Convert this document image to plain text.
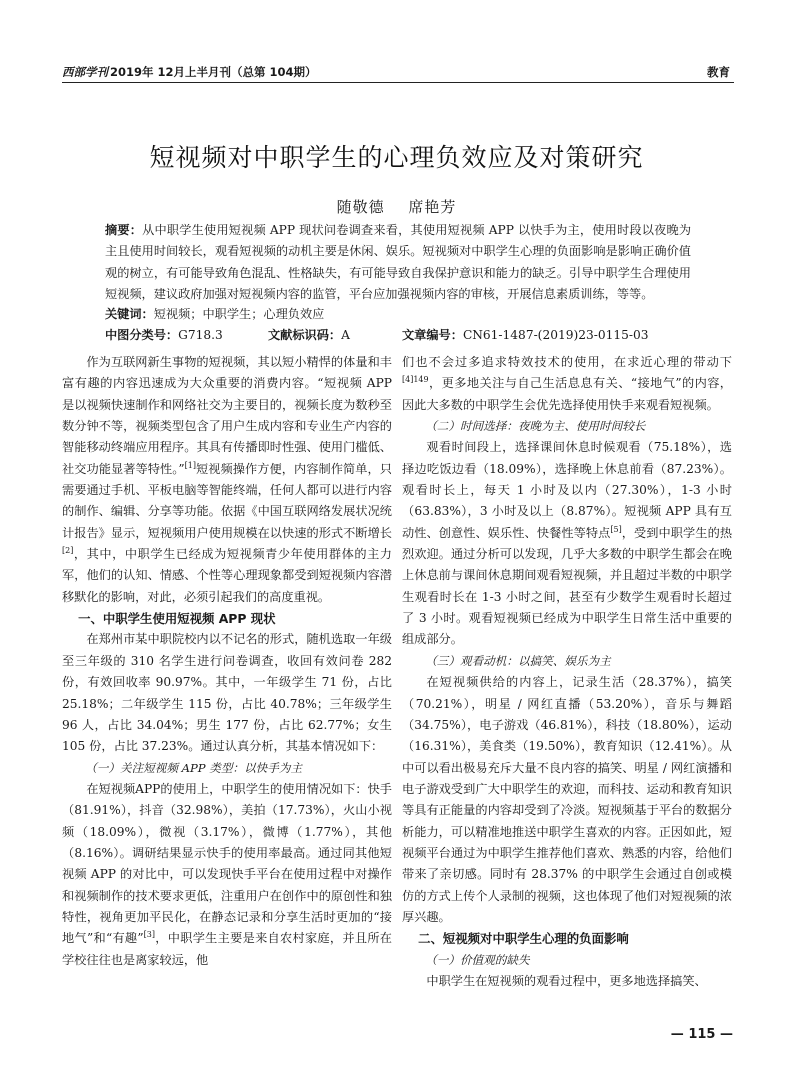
西部学刊 2019年 12月上半月刊（总第 104期）	教育
短视频对中职学生的心理负效应及对策研究
随敬德 席艳芳

摘要：从中职学生使用短视频 APP 现状问卷调查来看，其使用短视频 APP 以快手为主，使用时段以夜晚为主且使用时间较长，观看短视频的动机主要是休闲、娱乐。短视频对中职学生心理的负面影响是影响正确价值观的树立，有可能导致角色混乱、性格缺失，有可能导致自我保护意识和能力的缺乏。引导中职学生合理使用短视频，建议政府加强对短视频内容的监管，平台应加强视频内容的审核，开展信息素质训练，等等。

关键词：短视频；中职学生；心理负效应
中图分类号：G718.3	文献标识码：A	文章编号：CN61-1487-(2019)23-0115-03

作为互联网新生事物的短视频，其以短小精悍的体量和丰富有趣的内容迅速成为大众重要的消费内容。“短视频 APP 是以视频快速制作和网络社交为主要目的，视频长度为数秒至数分钟不等，视频类型包含了用户生成内容和专业生产内容的智能移动终端应用程序。其具有传播即时性强、使用门槛低、社交功能显著等特性。”[1]短视频操作方便，内容制作简单，只需要通过手机、平板电脑等智能终端，任何人都可以进行内容的制作、编辑、分享等功能。依据《中国互联网络发展状况统计报告》显示，短视频用户使用规模在以快速的形式不断增长[2]，其中，中职学生已经成为短视频青少年使用群体的主力军，他们的认知、情感、个性等心理现象都受到短视频内容潜移默化的影响，对此，必须引起我们的高度重视。

一、中职学生使用短视频 APP 现状

在郑州市某中职院校内以不记名的形式，随机选取一年级至三年级的 310 名学生进行问卷调查，收回有效问卷 282 份，有效回收率 90.97%。其中，一年级学生 71 份，占比 25.18%；二年级学生 115 份，占比 40.78%；三年级学生 96 人，占比 34.04%；男生 177 份，占比 62.77%；女生 105 份，占比 37.23%。通过认真分析，其基本情况如下：

（一）关注短视频 APP 类型：以快手为主

在短视频APP的使用上，中职学生的使用情况如下：快手（81.91%），抖音（32.98%），美拍（17.73%），火山小视频（18.09%），微视（3.17%），微博（1.77%），其他（8.16%）。调研结果显示快手的使用率最高。通过同其他短视频 APP 的对比中，可以发现快手平台在使用过程中对操作和视频制作的技术要求更低，注重用户在创作中的原创性和独特性，视角更加平民化，在静态记录和分享生活时更加的“接地气”和“有趣”[3]，中职学生主要是来自农村家庭，并且所在学校往往也是离家较远，他

们也不会过多追求特效技术的使用，在求近心理的带动下$^{[4]149}$，更多地关注与自己生活息息有关、“接地气”的内容，因此大多数的中职学生会优先选择使用快手来观看短视频。

（二）时间选择：夜晚为主、使用时间较长

观看时间段上，选择课间休息时候观看（75.18%），选择边吃饭边看（18.09%），选择晚上休息前看（87.23%）。观看时长上，每天 1 小时及以内（27.30%），1-3 小时（63.83%），3 小时及以上（8.87%）。短视频 APP 具有互动性、创意性、娱乐性、快餐性等特点[5]，受到中职学生的热烈欢迎。通过分析可以发现，几乎大多数的中职学生都会在晚上休息前与课间休息期间观看短视频，并且超过半数的中职学生观看时长在 1-3 小时之间，甚至有少数学生观看时长超过了 3 小时。观看短视频已经成为中职学生日常生活中重要的组成部分。

（三）观看动机：以搞笑、娱乐为主

在短视频供给的内容上，记录生活（28.37%），搞笑（70.21%），明星 / 网红直播（53.20%），音乐与舞蹈（34.75%），电子游戏（46.81%），科技（18.80%），运动（16.31%），美食类（19.50%），教育知识（12.41%）。从中可以看出极易充斥大量不良内容的搞笑、明星 / 网红演播和电子游戏受到广大中职学生的欢迎，而科技、运动和教育知识等具有正能量的内容却受到了冷淡。短视频基于平台的数据分析能力，可以精准地推送中职学生喜欢的内容。正因如此，短视频平台通过为中职学生推荐他们喜欢、熟悉的内容，给他们带来了亲切感。同时有 28.37% 的中职学生会通过自创或模仿的方式上传个人录制的视频，这也体现了他们对短视频的浓厚兴趣。

二、短视频对中职学生心理的负面影响
（一）价值观的缺失

中职学生在短视频的观看过程中，更多地选择搞笑、

— 115 —
